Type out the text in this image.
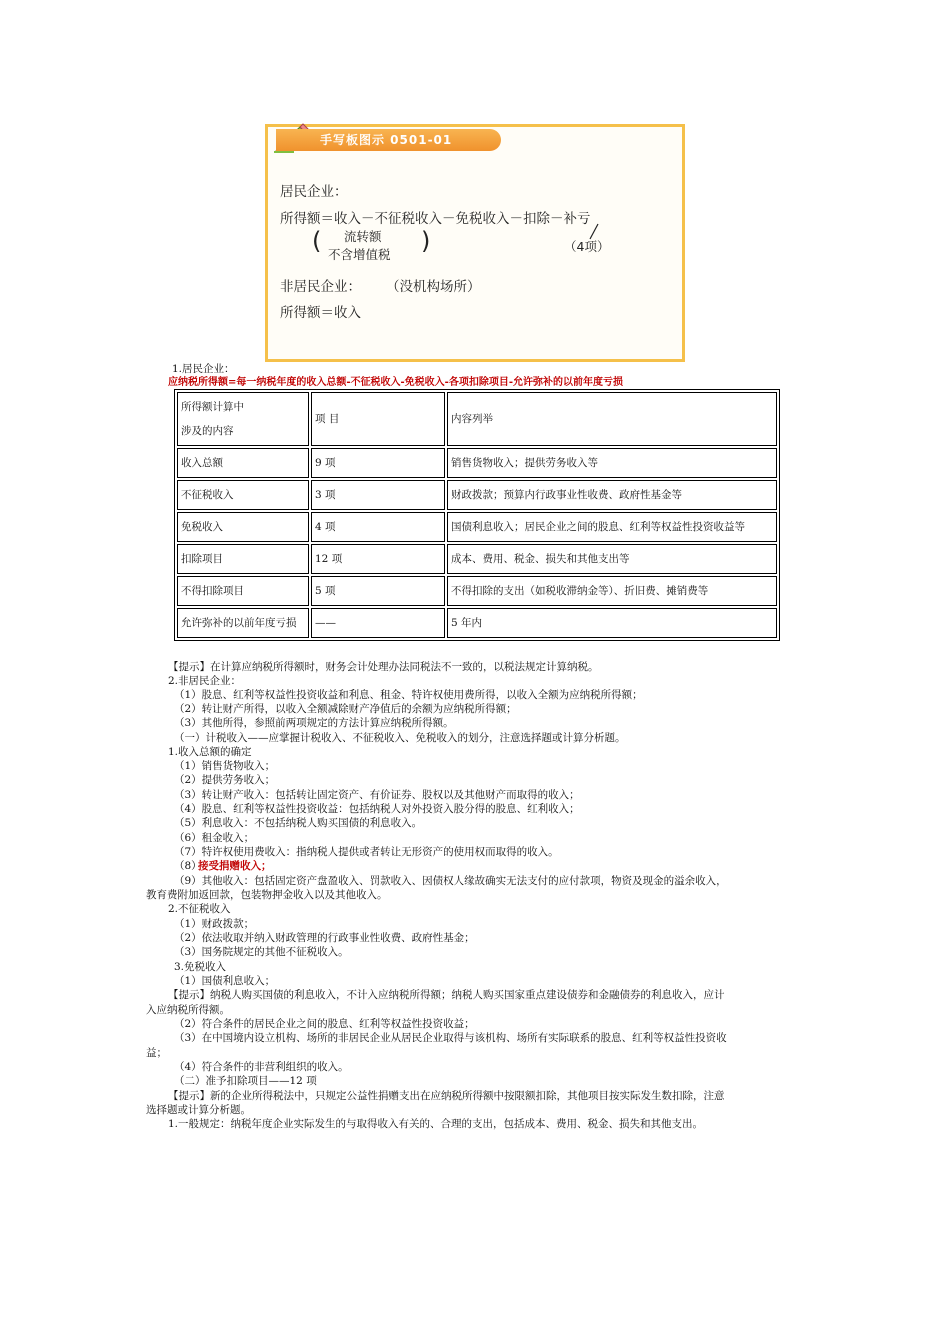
手写板图示 0501-01
居民企业：
所得额＝收入－不征税收入－免税收入－扣除－补亏
( 流转额
不含增值税 )	（4项）
非居民企业： （没机构场所）
所得额＝收入
1.居民企业：
应纳税所得额=每一纳税年度的收入总额-不征税收入-免税收入-各项扣除项目-允许弥补的以前年度亏损
所得额计算中
涉及的内容	项 目	内容列举
收入总额	9 项	销售货物收入；提供劳务收入等
不征税收入	3 项	财政拨款；预算内行政事业性收费、政府性基金等
免税收入	4 项	国债利息收入；居民企业之间的股息、红利等权益性投资收益等
扣除项目	12 项	成本、费用、税金、损失和其他支出等
不得扣除项目	5 项	不得扣除的支出（如税收滞纳金等）、折旧费、摊销费等
允许弥补的以前年度亏损	——	5 年内
【提示】在计算应纳税所得额时，财务会计处理办法同税法不一致的，以税法规定计算纳税。
2.非居民企业：
（1）股息、红利等权益性投资收益和利息、租金、特许权使用费所得，以收入全额为应纳税所得额；
（2）转让财产所得，以收入全额减除财产净值后的余额为应纳税所得额；
（3）其他所得，参照前两项规定的方法计算应纳税所得额。
（一）计税收入——应掌握计税收入、不征税收入、免税收入的划分，注意选择题或计算分析题。
1.收入总额的确定
（1）销售货物收入；
（2）提供劳务收入；
（3）转让财产收入：包括转让固定资产、有价证券、股权以及其他财产而取得的收入；
（4）股息、红利等权益性投资收益：包括纳税人对外投资入股分得的股息、红利收入；
（5）利息收入：不包括纳税人购买国债的利息收入。
（6）租金收入；
（7）特许权使用费收入：指纳税人提供或者转让无形资产的使用权而取得的收入。
（8）
接受捐赠收入；
（9）其他收入：包括固定资产盘盈收入、罚款收入、因债权人缘故确实无法支付的应付款项，物资及现金的溢余收入，
教育费附加返回款，包装物押金收入以及其他收入。
2.不征税收入
（1）财政拨款；
（2）依法收取并纳入财政管理的行政事业性收费、政府性基金；
（3）国务院规定的其他不征税收入。
3.免税收入
（1）国债利息收入；
【提示】纳税人购买国债的利息收入，不计入应纳税所得额；纳税人购买国家重点建设债券和金融债券的利息收入，应计
入应纳税所得额。
（2）符合条件的居民企业之间的股息、红利等权益性投资收益；
（3）在中国境内设立机构、场所的非居民企业从居民企业取得与该机构、场所有实际联系的股息、红利等权益性投资收
益；
（4）符合条件的非营利组织的收入。
（二）准予扣除项目——12 项
【提示】新的企业所得税法中，只规定公益性捐赠支出在应纳税所得额中按限额扣除，其他项目按实际发生数扣除，注意
选择题或计算分析题。
1.一般规定：纳税年度企业实际发生的与取得收入有关的、合理的支出，包括成本、费用、税金、损失和其他支出。
